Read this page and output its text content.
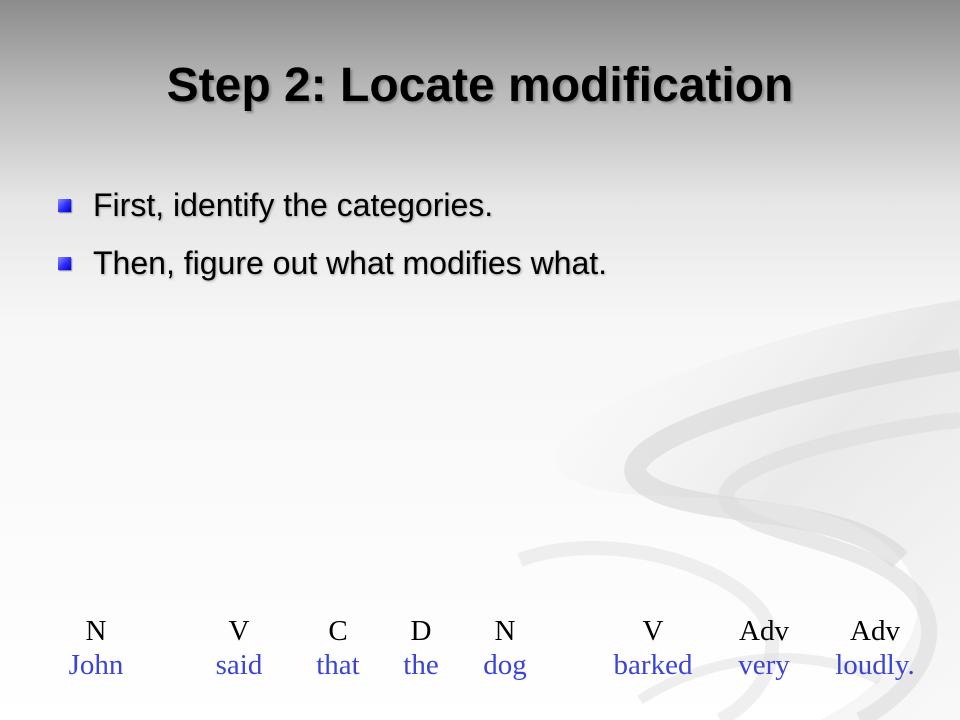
Step 2: Locate modification
First, identify the categories.
Then, figure out what modifies what.
N
John
V
said
C
that
D
the
N
dog
V
barked
Adv
very
Adv
loudly.
